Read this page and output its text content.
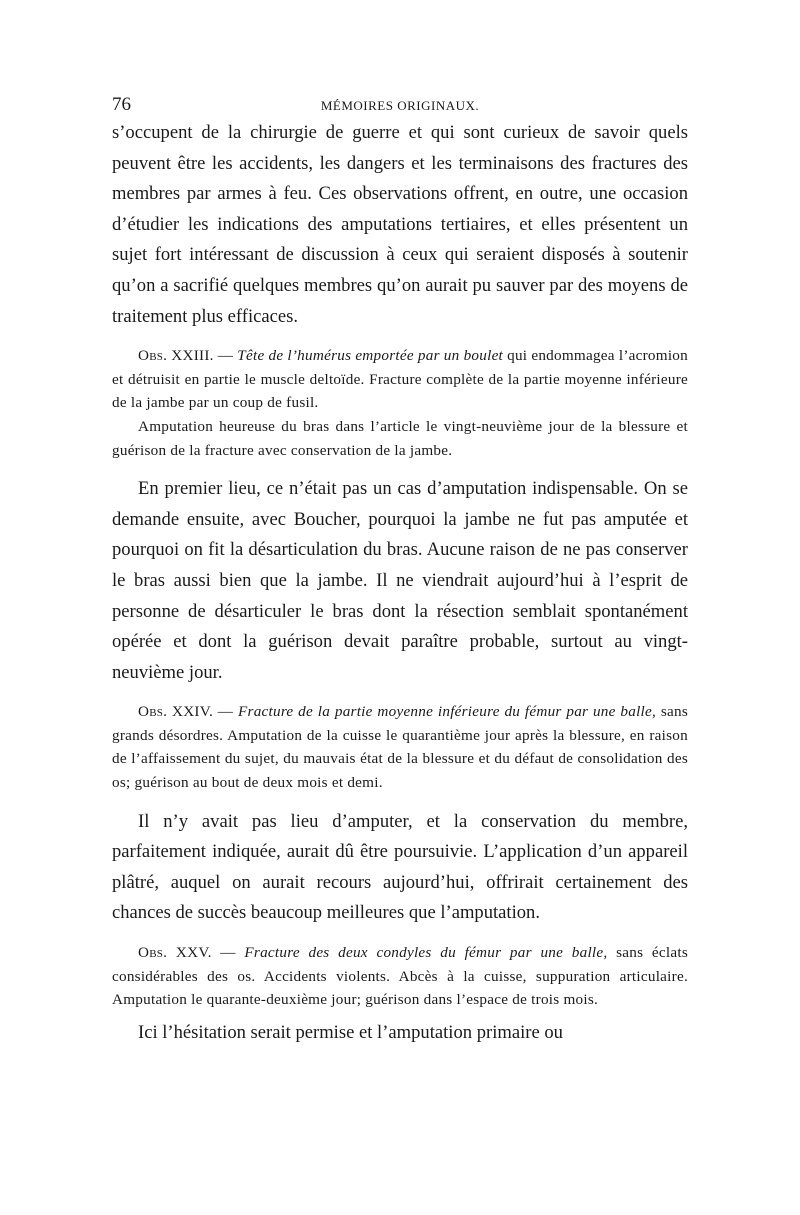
76	MÉMOIRES ORIGINAUX.

s’occupent de la chirurgie de guerre et qui sont curieux de savoir quels peuvent être les accidents, les dangers et les terminaisons des fractures des membres par armes à feu. Ces observations offrent, en outre, une occasion d’étudier les indications des amputations tertiaires, et elles présentent un sujet fort intéressant de discussion à ceux qui seraient disposés à soutenir qu’on a sacrifié quelques membres qu’on aurait pu sauver par des moyens de traitement plus efficaces.

Obs. XXIII. — Tête de l’humérus emportée par un boulet qui endommagea l’acromion et détruisit en partie le muscle deltoïde. Fracture complète de la partie moyenne inférieure de la jambe par un coup de fusil.

Amputation heureuse du bras dans l’article le vingt-neuvième jour de la blessure et guérison de la fracture avec conservation de la jambe.

En premier lieu, ce n’était pas un cas d’amputation indispensable. On se demande ensuite, avec Boucher, pourquoi la jambe ne fut pas amputée et pourquoi on fit la désarticulation du bras. Aucune raison de ne pas conserver le bras aussi bien que la jambe. Il ne viendrait aujourd’hui à l’esprit de personne de désarticuler le bras dont la résection semblait spontanément opérée et dont la guérison devait paraître probable, surtout au vingt-neuvième jour.

Obs. XXIV. — Fracture de la partie moyenne inférieure du fémur par une balle, sans grands désordres. Amputation de la cuisse le quarantième jour après la blessure, en raison de l’affaissement du sujet, du mauvais état de la blessure et du défaut de consolidation des os; guérison au bout de deux mois et demi.

Il n’y avait pas lieu d’amputer, et la conservation du membre, parfaitement indiquée, aurait dû être poursuivie. L’application d’un appareil plâtré, auquel on aurait recours aujourd’hui, offrirait certainement des chances de succès beaucoup meilleures que l’amputation.

Obs. XXV. — Fracture des deux condyles du fémur par une balle, sans éclats considérables des os. Accidents violents. Abcès à la cuisse, suppuration articulaire. Amputation le quarante-deuxième jour; guérison dans l’espace de trois mois.

Ici l’hésitation serait permise et l’amputation primaire ou
